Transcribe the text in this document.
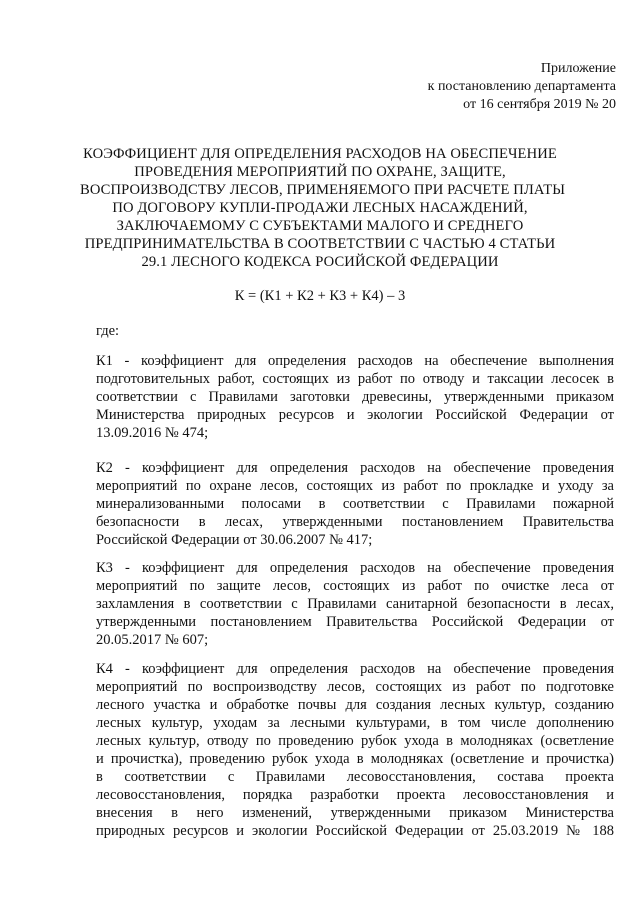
Приложение
к постановлению департамента
от 16 сентября 2019 № 20
КОЭФФИЦИЕНТ ДЛЯ ОПРЕДЕЛЕНИЯ РАСХОДОВ НА ОБЕСПЕЧЕНИЕ
ПРОВЕДЕНИЯ МЕРОПРИЯТИЙ ПО ОХРАНЕ, ЗАЩИТЕ,
ВОСПРОИЗВОДСТВУ ЛЕСОВ, ПРИМЕНЯЕМОГО ПРИ РАСЧЕТЕ ПЛАТЫ
ПО ДОГОВОРУ КУПЛИ-ПРОДАЖИ ЛЕСНЫХ НАСАЖДЕНИЙ,
ЗАКЛЮЧАЕМОМУ С СУБЪЕКТАМИ МАЛОГО И СРЕДНЕГО
ПРЕДПРИНИМАТЕЛЬСТВА В СООТВЕТСТВИИ С ЧАСТЬЮ 4 СТАТЬИ
29.1 ЛЕСНОГО КОДЕКСА РОСИЙСКОЙ ФЕДЕРАЦИИ
К = (К1 + К2 + К3 + К4) – 3
где:
К1 - коэффициент для определения расходов на обеспечение выполнения
подготовительных работ, состоящих из работ по отводу и таксации лесосек в
соответствии с Правилами заготовки древесины, утвержденными приказом
Министерства природных ресурсов и экологии Российской Федерации от
13.09.2016 № 474;
К2 - коэффициент для определения расходов на обеспечение проведения
мероприятий по охране лесов, состоящих из работ по прокладке и уходу за
минерализованными полосами в соответствии с Правилами пожарной
безопасности в лесах, утвержденными постановлением Правительства
Российской Федерации от 30.06.2007 № 417;
К3 - коэффициент для определения расходов на обеспечение проведения
мероприятий по защите лесов, состоящих из работ по очистке леса от
захламления в соответствии с Правилами санитарной безопасности в лесах,
утвержденными постановлением Правительства Российской Федерации от
20.05.2017 № 607;
К4 - коэффициент для определения расходов на обеспечение проведения
мероприятий по воспроизводству лесов, состоящих из работ по подготовке
лесного участка и обработке почвы для создания лесных культур, созданию
лесных культур, уходам за лесными культурами, в том числе дополнению
лесных культур, отводу по проведению рубок ухода в молодняках (осветление
и прочистка), проведению рубок ухода в молодняках (осветление и прочистка)
в соответствии с Правилами лесовосстановления, состава проекта
лесовосстановления, порядка разработки проекта лесовосстановления и
внесения в него изменений, утвержденными приказом Министерства
природных ресурсов и экологии Российской Федерации от 25.03.2019 № 188
